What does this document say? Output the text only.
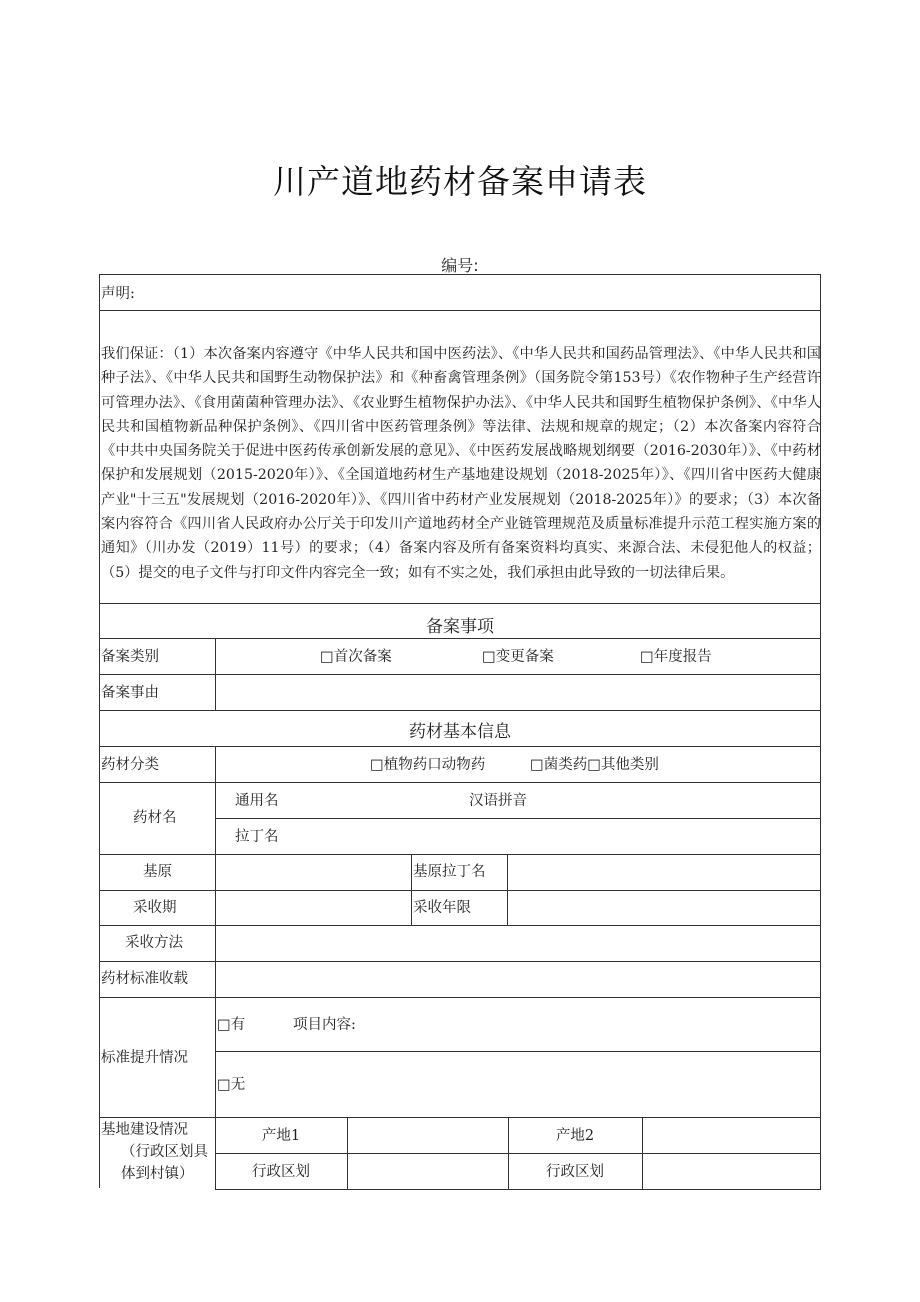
川产道地药材备案申请表
编号:
声明:
我们保证：（1）本次备案内容遵守《中华人民共和国中医药法》、《中华人民共和国药品管理法》、《中华人民共和国种子法》、《中华人民共和国野生动物保护法》和《种畜禽管理条例》（国务院令第153号）《农作物种子生产经营许可管理办法》、《食用菌菌种管理办法》、《农业野生植物保护办法》、《中华人民共和国野生植物保护条例》、《中华人民共和国植物新品种保护条例》、《四川省中医药管理条例》等法律、法规和规章的规定；（2）本次备案内容符合《中共中央国务院关于促进中医药传承创新发展的意见》、《中医药发展战略规划纲要（2016-2030年）》、《中药材保护和发展规划（2015-2020年）》、《全国道地药材生产基地建设规划（2018-2025年）》、《四川省中医药大健康产业"十三五"发展规划（2016-2020年）》、《四川省中药材产业发展规划（2018-2025年）》的要求；（3）本次备案内容符合《四川省人民政府办公厅关于印发川产道地药材全产业链管理规范及质量标准提升示范工程实施方案的通知》（川办发（2019）11号）的要求；（4）备案内容及所有备案资料均真实、来源合法、未侵犯他人的权益；（5）提交的电子文件与打印文件内容完全一致；如有不实之处，我们承担由此导致的一切法律后果。
备案事项
备案类别	□首次备案	□变更备案	□年度报告
备案事由
药材基本信息
药材分类	□植物药口动物药	□菌类药□其他类别
药材名
通用名	汉语拼音
拉丁名
基原	基原拉丁名
采收期	采收年限
采收方法
药材标准收载
标准提升情况
□有	项目内容:
□无
基地建设情况
（行政区划具
体到村镇）
产地1	产地2
行政区划	行政区划
